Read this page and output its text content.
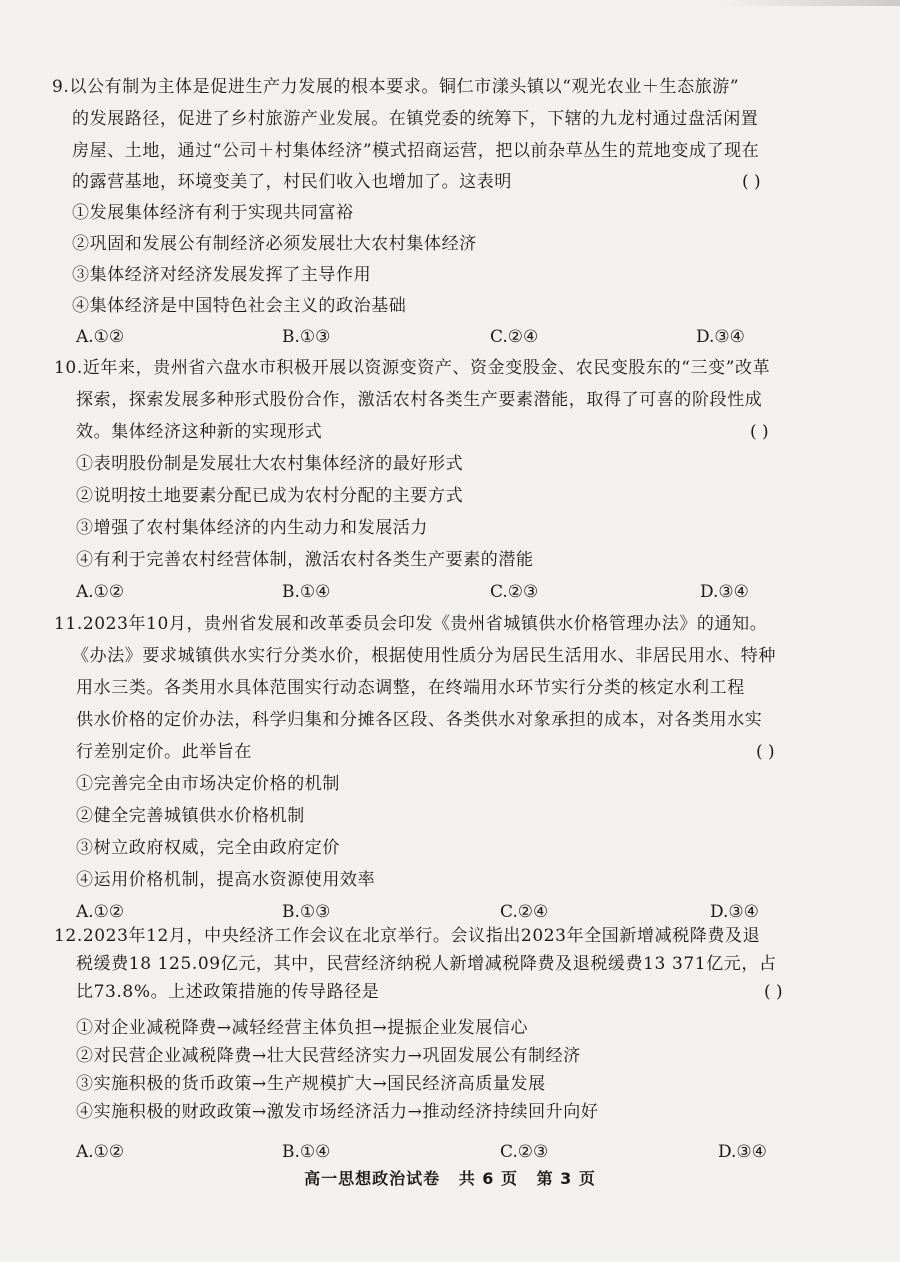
9.以公有制为主体是促进生产力发展的根本要求。铜仁市漾头镇以“观光农业＋生态旅游”
的发展路径，促进了乡村旅游产业发展。在镇党委的统筹下，下辖的九龙村通过盘活闲置
房屋、土地，通过“公司＋村集体经济”模式招商运营，把以前杂草丛生的荒地变成了现在
的露营基地，环境变美了，村民们收入也增加了。这表明	( )
①发展集体经济有利于实现共同富裕
②巩固和发展公有制经济必须发展壮大农村集体经济
③集体经济对经济发展发挥了主导作用
④集体经济是中国特色社会主义的政治基础
A.①②	B.①③	C.②④	D.③④
10.近年来，贵州省六盘水市积极开展以资源变资产、资金变股金、农民变股东的“三变”改革
探索，探索发展多种形式股份合作，激活农村各类生产要素潜能，取得了可喜的阶段性成
效。集体经济这种新的实现形式	( )
①表明股份制是发展壮大农村集体经济的最好形式
②说明按土地要素分配已成为农村分配的主要方式
③增强了农村集体经济的内生动力和发展活力
④有利于完善农村经营体制，激活农村各类生产要素的潜能
A.①②	B.①④	C.②③	D.③④
11.2023年10月，贵州省发展和改革委员会印发《贵州省城镇供水价格管理办法》的通知。
《办法》要求城镇供水实行分类水价，根据使用性质分为居民生活用水、非居民用水、特种
用水三类。各类用水具体范围实行动态调整，在终端用水环节实行分类的核定水利工程
供水价格的定价办法，科学归集和分摊各区段、各类供水对象承担的成本，对各类用水实
行差别定价。此举旨在	( )
①完善完全由市场决定价格的机制
②健全完善城镇供水价格机制
③树立政府权威，完全由政府定价
④运用价格机制，提高水资源使用效率
A.①②	B.①③	C.②④	D.③④
12.2023年12月，中央经济工作会议在北京举行。会议指出2023年全国新增减税降费及退
税缓费18 125.09亿元，其中，民营经济纳税人新增减税降费及退税缓费13 371亿元，占
比73.8%。上述政策措施的传导路径是	( )
①对企业减税降费→减轻经营主体负担→提振企业发展信心
②对民营企业减税降费→壮大民营经济实力→巩固发展公有制经济
③实施积极的货币政策→生产规模扩大→国民经济高质量发展
④实施积极的财政政策→激发市场经济活力→推动经济持续回升向好
A.①②	B.①④	C.②③	D.③④
高一思想政治试卷 共 6 页 第 3 页
